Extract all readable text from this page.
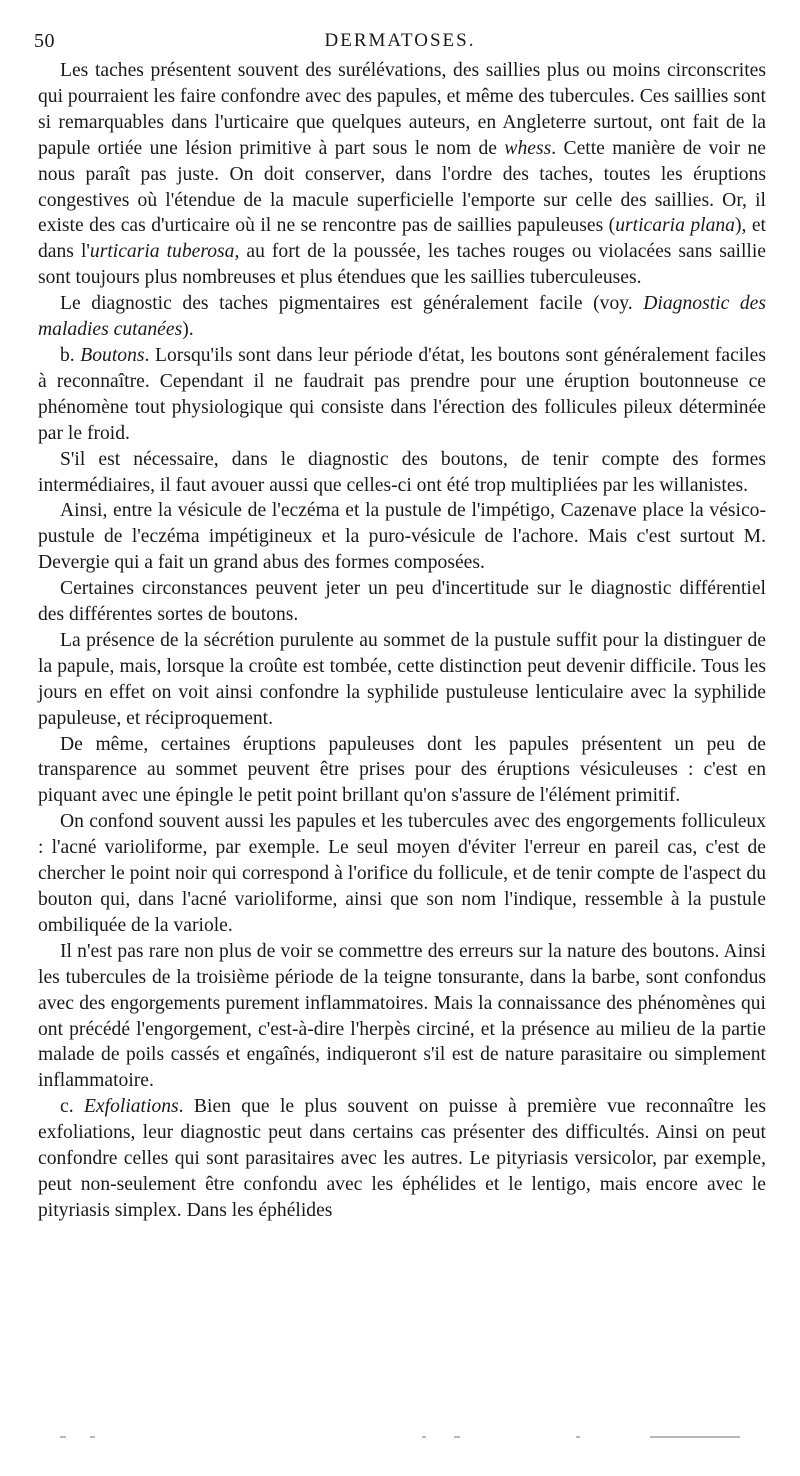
50	DERMATOSES.

Les taches présentent souvent des surélévations, des saillies plus ou moins circonscrites qui pourraient les faire confondre avec des papules, et même des tubercules. Ces saillies sont si remarquables dans l'urticaire que quelques auteurs, en Angleterre surtout, ont fait de la papule ortiée une lésion primitive à part sous le nom de whess. Cette manière de voir ne nous paraît pas juste. On doit conserver, dans l'ordre des taches, toutes les éruptions congestives où l'étendue de la macule superficielle l'emporte sur celle des saillies. Or, il existe des cas d'urticaire où il ne se rencontre pas de saillies papuleuses (urticaria plana), et dans l'urticaria tuberosa, au fort de la poussée, les taches rouges ou violacées sans saillie sont toujours plus nombreuses et plus étendues que les saillies tuberculeuses.

Le diagnostic des taches pigmentaires est généralement facile (voy. Diagnostic des maladies cutanées).

b. Boutons. Lorsqu'ils sont dans leur période d'état, les boutons sont généralement faciles à reconnaître. Cependant il ne faudrait pas prendre pour une éruption boutonneuse ce phénomène tout physiologique qui consiste dans l'érection des follicules pileux déterminée par le froid.

S'il est nécessaire, dans le diagnostic des boutons, de tenir compte des formes intermédiaires, il faut avouer aussi que celles-ci ont été trop multipliées par les willanistes.

Ainsi, entre la vésicule de l'eczéma et la pustule de l'impétigo, Cazenave place la vésico-pustule de l'eczéma impétigineux et la puro-vésicule de l'achore. Mais c'est surtout M. Devergie qui a fait un grand abus des formes composées.

Certaines circonstances peuvent jeter un peu d'incertitude sur le diagnostic différentiel des différentes sortes de boutons.

La présence de la sécrétion purulente au sommet de la pustule suffit pour la distinguer de la papule, mais, lorsque la croûte est tombée, cette distinction peut devenir difficile. Tous les jours en effet on voit ainsi confondre la syphilide pustuleuse lenticulaire avec la syphilide papuleuse, et réciproquement.

De même, certaines éruptions papuleuses dont les papules présentent un peu de transparence au sommet peuvent être prises pour des éruptions vésiculeuses : c'est en piquant avec une épingle le petit point brillant qu'on s'assure de l'élément primitif.

On confond souvent aussi les papules et les tubercules avec des engorgements folliculeux : l'acné varioliforme, par exemple. Le seul moyen d'éviter l'erreur en pareil cas, c'est de chercher le point noir qui correspond à l'orifice du follicule, et de tenir compte de l'aspect du bouton qui, dans l'acné varioliforme, ainsi que son nom l'indique, ressemble à la pustule ombiliquée de la variole.

Il n'est pas rare non plus de voir se commettre des erreurs sur la nature des boutons. Ainsi les tubercules de la troisième période de la teigne tonsurante, dans la barbe, sont confondus avec des engorgements purement inflammatoires. Mais la connaissance des phénomènes qui ont précédé l'engorgement, c'est-à-dire l'herpès circiné, et la présence au milieu de la partie malade de poils cassés et engaînés, indiqueront s'il est de nature parasitaire ou simplement inflammatoire.

c. Exfoliations. Bien que le plus souvent on puisse à première vue reconnaître les exfoliations, leur diagnostic peut dans certains cas présenter des difficultés. Ainsi on peut confondre celles qui sont parasitaires avec les autres. Le pityriasis versicolor, par exemple, peut non-seulement être confondu avec les éphélides et le lentigo, mais encore avec le pityriasis simplex. Dans les éphélides
